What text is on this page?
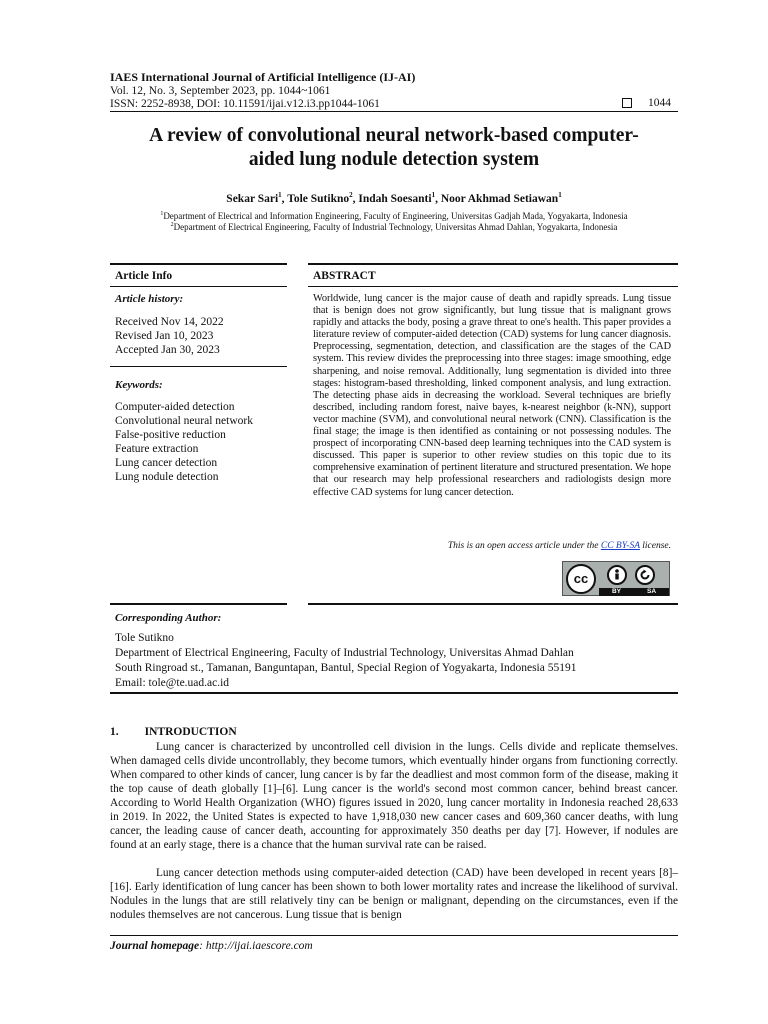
IAES International Journal of Artificial Intelligence (IJ-AI)
Vol. 12, No. 3, September 2023, pp. 1044~1061
ISSN: 2252-8938, DOI: 10.11591/ijai.v12.i3.pp1044-1061	1044
A review of convolutional neural network-based computer-
aided lung nodule detection system
Sekar Sari$^1$, Tole Sutikno$^2$, Indah Soesanti$^1$, Noor Akhmad Setiawan$^1$
$^1$Department of Electrical and Information Engineering, Faculty of Engineering, Universitas Gadjah Mada, Yogyakarta, Indonesia
$^2$Department of Electrical Engineering, Faculty of Industrial Technology, Universitas Ahmad Dahlan, Yogyakarta, Indonesia
Article Info	ABSTRACT
Article history:
Received Nov 14, 2022
Revised Jan 10, 2023
Accepted Jan 30, 2023
Keywords:
Computer-aided detection
Convolutional neural network
False-positive reduction
Feature extraction
Lung cancer detection
Lung nodule detection
Worldwide, lung cancer is the major cause of death and rapidly spreads. Lung tissue that is benign does not grow significantly, but lung tissue that is malignant grows rapidly and attacks the body, posing a grave threat to one's health. This paper provides a literature review of computer-aided detection (CAD) systems for lung cancer diagnosis. Preprocessing, segmentation, detection, and classification are the stages of the CAD system. This review divides the preprocessing into three stages: image smoothing, edge sharpening, and noise removal. Additionally, lung segmentation is divided into three stages: histogram-based thresholding, linked component analysis, and lung extraction. The detecting phase aids in decreasing the workload. Several techniques are briefly described, including random forest, naive bayes, k-nearest neighbor (k-NN), support vector machine (SVM), and convolutional neural network (CNN). Classification is the final stage; the image is then identified as containing or not possessing nodules. The prospect of incorporating CNN-based deep learning techniques into the CAD system is discussed. This paper is superior to other review studies on this topic due to its comprehensive examination of pertinent literature and structured presentation. We hope that our research may help professional researchers and radiologists design more effective CAD systems for lung cancer detection.
This is an open access article under the CC BY-SA license.
cc
BY	SA
Corresponding Author:
Tole Sutikno
Department of Electrical Engineering, Faculty of Industrial Technology, Universitas Ahmad Dahlan
South Ringroad st., Tamanan, Banguntapan, Bantul, Special Region of Yogyakarta, Indonesia 55191
Email: tole@te.uad.ac.id
1. INTRODUCTION
Lung cancer is characterized by uncontrolled cell division in the lungs. Cells divide and replicate themselves. When damaged cells divide uncontrollably, they become tumors, which eventually hinder organs from functioning correctly. When compared to other kinds of cancer, lung cancer is by far the deadliest and most common form of the disease, making it the top cause of death globally [1]–[6]. Lung cancer is the world's second most common cancer, behind breast cancer. According to World Health Organization (WHO) figures issued in 2020, lung cancer mortality in Indonesia reached 28,633 in 2019. In 2022, the United States is expected to have 1,918,030 new cancer cases and 609,360 cancer deaths, with lung cancer, the leading cause of cancer death, accounting for approximately 350 deaths per day [7]. However, if nodules are found at an early stage, there is a chance that the human survival rate can be raised.
Lung cancer detection methods using computer-aided detection (CAD) have been developed in recent years [8]–[16]. Early identification of lung cancer has been shown to both lower mortality rates and increase the likelihood of survival. Nodules in the lungs that are still relatively tiny can be benign or malignant, depending on the circumstances, even if the nodules themselves are not cancerous. Lung tissue that is benign
Journal homepage: http://ijai.iaescore.com
